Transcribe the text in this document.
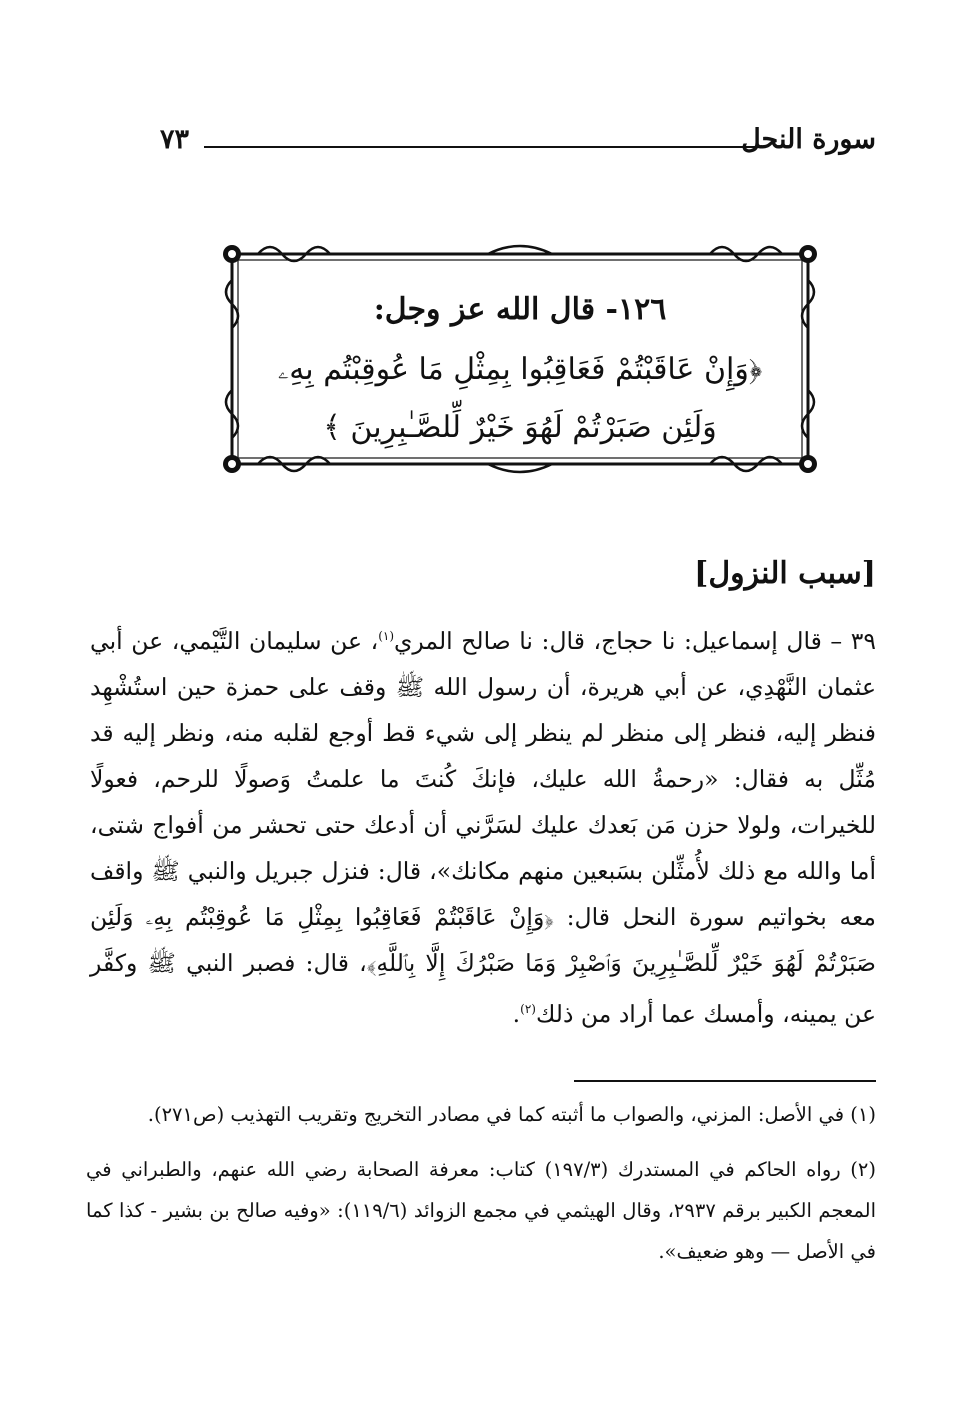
سورة النحل
٧٣
١٢٦- قال الله عز وجل:
﴿وَإِنْ عَاقَبْتُمْ فَعَاقِبُوا بِمِثْلِ مَا عُوقِبْتُم بِهِۦ
وَلَئِن صَبَرْتُمْ لَهُوَ خَيْرٌ لِّلصَّـٰبِرِينَ ﴾
[سبب النزول]
٣٩ – قال إسماعيل: نا حجاج، قال: نا صالح المري$^{(١)}$، عن سليمان التَّيْمي، عن أبي عثمان النَّهْدِي، عن أبي هريرة، أن رسول الله ﷺ وقف على حمزة حين استُشْهِد فنظر إليه، فنظر إلى منظر لم ينظر إلى شيء قط أوجع لقلبه منه، ونظر إليه قد مُثِّل به فقال: «رحمةُ الله عليك، فإنكَ كُنتَ ما علمتُ وَصولًا للرحم، فعولًا للخيرات، ولولا حزن مَن بَعدك عليك لسَرَّني أن أدعك حتى تحشر من أفواج شتى، أما والله مع ذلك لأُمثِّلن بسَبعين منهم مكانك»، قال: فنزل جبريل والنبي ﷺ واقف معه بخواتيم سورة النحل قال: ﴿وَإِنْ عَاقَبْتُمْ فَعَاقِبُوا بِمِثْلِ مَا عُوقِبْتُم بِهِۦ وَلَئِن صَبَرْتُمْ لَهُوَ خَيْرٌ لِّلصَّـٰبِرِينَ وَٱصْبِرْ وَمَا صَبْرُكَ إِلَّا بِٱللَّهِ﴾، قال: فصبر النبي ﷺ وكفَّر عن يمينه، وأمسك عما أراد من ذلك$^{(٢)}$.
(١) في الأصل: المزني، والصواب ما أثبته كما في مصادر التخريج وتقريب التهذيب (ص٢٧١).
(٢) رواه الحاكم في المستدرك (١٩٧/٣) كتاب: معرفة الصحابة رضي الله عنهم، والطبراني في المعجم الكبير برقم ٢٩٣٧، وقال الهيثمي في مجمع الزوائد (١١٩/٦): «وفيه صالح بن بشير - كذا كما في الأصل — وهو ضعيف».
